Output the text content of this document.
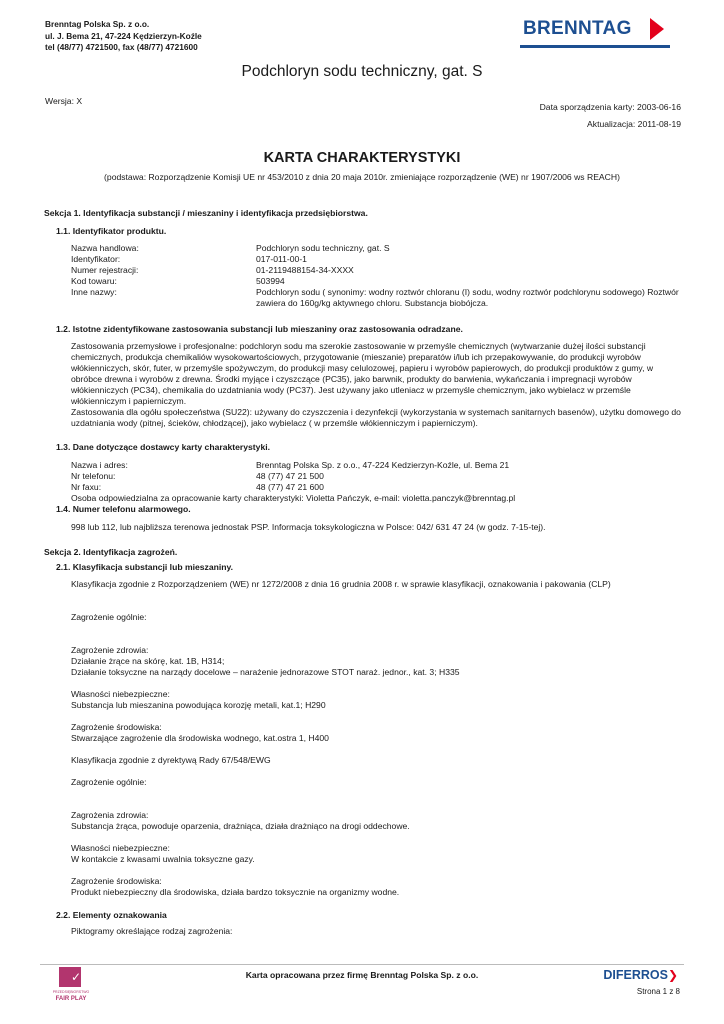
Brenntag Polska Sp. z o.o.
ul. J. Bema 21, 47-224 Kędzierzyn-Koźle
tel (48/77) 4721500, fax (48/77) 4721600
BRENNTAG
Podchloryn sodu techniczny, gat. S
Wersja: X
Data sporządzenia karty: 2003-06-16
Aktualizacja: 2011-08-19
KARTA CHARAKTERYSTYKI
(podstawa: Rozporządzenie Komisji UE nr 453/2010 z dnia 20 maja 2010r. zmieniające rozporządzenie (WE) nr 1907/2006 ws REACH)
Sekcja 1. Identyfikacja substancji / mieszaniny i identyfikacja przedsiębiorstwa.
1.1. Identyfikator produktu.
Nazwa handlowa:	Podchloryn sodu techniczny, gat. S
Identyfikator:	017-011-00-1
Numer rejestracji:	01-2119488154-34-XXXX
Kod towaru:	503994
Inne nazwy:	Podchloryn sodu ( synonimy: wodny roztwór chloranu (I) sodu, wodny roztwór podchlorynu sodowego) Roztwór zawiera do 160g/kg aktywnego chloru. Substancja biobójcza.
1.2. Istotne zidentyfikowane zastosowania substancji lub mieszaniny oraz zastosowania odradzane.
Zastosowania przemysłowe i profesjonalne: podchloryn sodu ma szerokie zastosowanie w przemyśle chemicznych (wytwarzanie dużej ilości substancji chemicznych, produkcja chemikaliów wysokowartościowych, przygotowanie (mieszanie) preparatów i/lub ich przepakowywanie, do produkcji wyrobów włókienniczych, skór, futer, w przemyśle spożywczym, do produkcji masy celulozowej, papieru i wyrobów papierowych, do produkcji produktów z gumy, w obróbce drewna i wyrobów z drewna. Środki myjące i czyszczące (PC35), jako barwnik, produkty do barwienia, wykańczania i impregnacji wyrobów włókienniczych (PC34), chemikalia do uzdatniania wody (PC37). Jest używany jako utleniacz w przemyśle chemicznym, jako wybielacz w przemśle włókienniczym i papierniczym.
Zastosowania dla ogółu społeczeństwa (SU22): używany do czyszczenia i dezynfekcji (wykorzystania w systemach sanitarnych basenów), użytku domowego do uzdatniania wody (pitnej, ścieków, chłodzącej), jako wybielacz ( w przemśle włókienniczym i papierniczym).
1.3. Dane dotyczące dostawcy karty charakterystyki.
Nazwa i adres:	Brenntag Polska Sp. z o.o., 47-224 Kedzierzyn-Koźle, ul. Bema 21
Nr telefonu:	48 (77) 47 21 500
Nr faxu:	48 (77) 47 21 600
Osoba odpowiedzialna za opracowanie karty charakterystyki: Violetta Pańczyk, e-mail: violetta.panczyk@brenntag.pl
1.4. Numer telefonu alarmowego.
998 lub 112, lub najbliższa terenowa jednostak PSP. Informacja toksykologiczna w Polsce: 042/ 631 47 24 (w godz. 7-15-tej).
Sekcja 2. Identyfikacja zagrożeń.
2.1. Klasyfikacja substancji lub mieszaniny.
Klasyfikacja zgodnie z Rozporządzeniem (WE) nr 1272/2008 z dnia 16 grudnia 2008 r. w sprawie klasyfikacji, oznakowania i pakowania (CLP)
Zagrożenie ogólnie:
Zagrożenie zdrowia:
Działanie żrące na skórę, kat. 1B, H314;
Działanie toksyczne na narządy docelowe – narażenie jednorazowe STOT naraż. jednor., kat. 3; H335
Własności niebezpieczne:
Substancja lub mieszanina powodująca korozję metali, kat.1; H290
Zagrożenie środowiska:
Stwarzające zagrożenie dla środowiska wodnego, kat.ostra 1, H400
Klasyfikacja zgodnie z dyrektywą Rady 67/548/EWG
Zagrożenie ogólnie:
Zagrożenia zdrowia:
Substancja żrąca, powoduje oparzenia, drażniąca, działa drażniąco na drogi oddechowe.
Własności niebezpieczne:
W kontakcie z kwasami uwalnia toksyczne gazy.
Zagrożenie środowiska:
Produkt niebezpieczny dla środowiska, działa bardzo toksycznie na organizmy wodne.
2.2. Elementy oznakowania
Piktogramy określające rodzaj zagrożenia:
✓
PRZEDSIĘBIORSTWO
FAIR PLAY
Karta opracowana przez firmę Brenntag Polska Sp. z o.o.	DIFERROS❯
Strona 1 z 8
